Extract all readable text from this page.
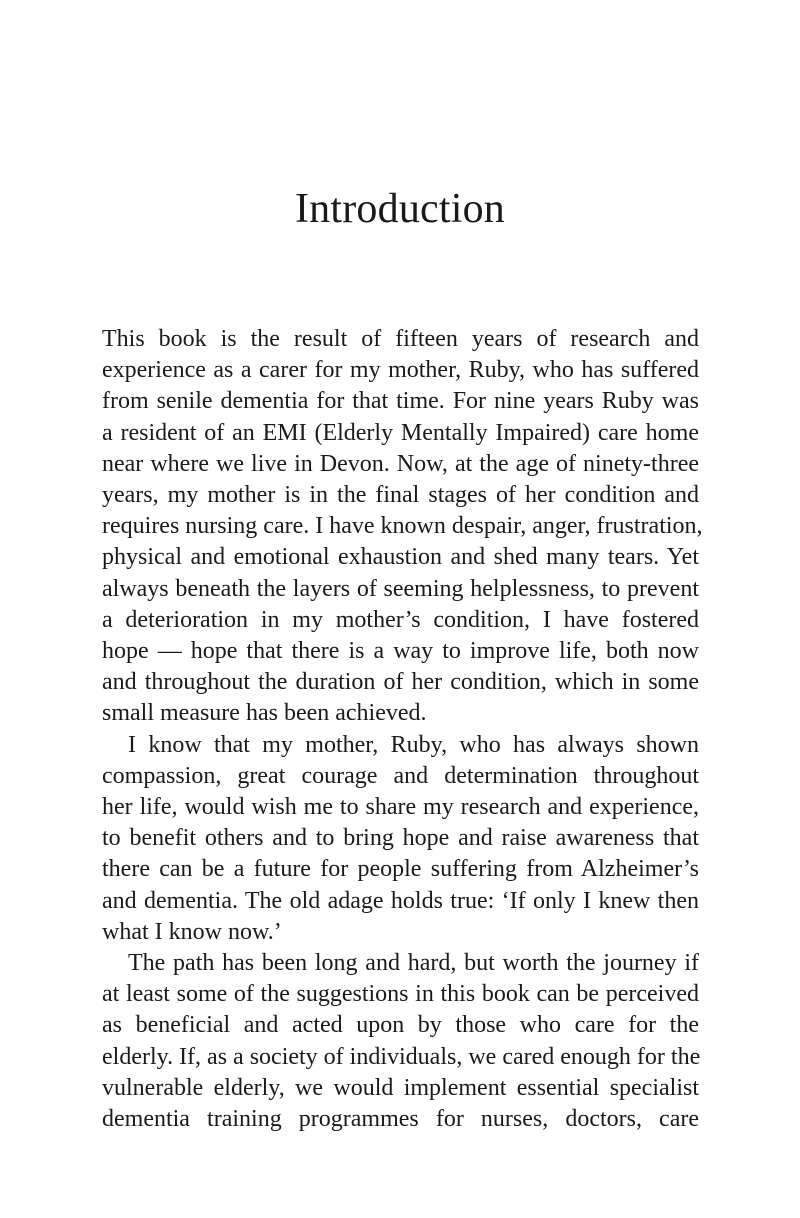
Introduction

This book is the result of fifteen years of research and
experience as a carer for my mother, Ruby, who has suffered
from senile dementia for that time. For nine years Ruby was
a resident of an EMI (Elderly Mentally Impaired) care home
near where we live in Devon. Now, at the age of ninety-three
years, my mother is in the final stages of her condition and
requires nursing care. I have known despair, anger, frustration,
physical and emotional exhaustion and shed many tears. Yet
always beneath the layers of seeming helplessness, to prevent
a deterioration in my mother’s condition, I have fostered
hope — hope that there is a way to improve life, both now
and throughout the duration of her condition, which in some
small measure has been achieved.

I know that my mother, Ruby, who has always shown
compassion, great courage and determination throughout
her life, would wish me to share my research and experience,
to benefit others and to bring hope and raise awareness that
there can be a future for people suffering from Alzheimer’s
and dementia. The old adage holds true: ‘If only I knew then
what I know now.’

The path has been long and hard, but worth the journey if
at least some of the suggestions in this book can be perceived
as beneficial and acted upon by those who care for the
elderly. If, as a society of individuals, we cared enough for the
vulnerable elderly, we would implement essential specialist
dementia training programmes for nurses, doctors, care
